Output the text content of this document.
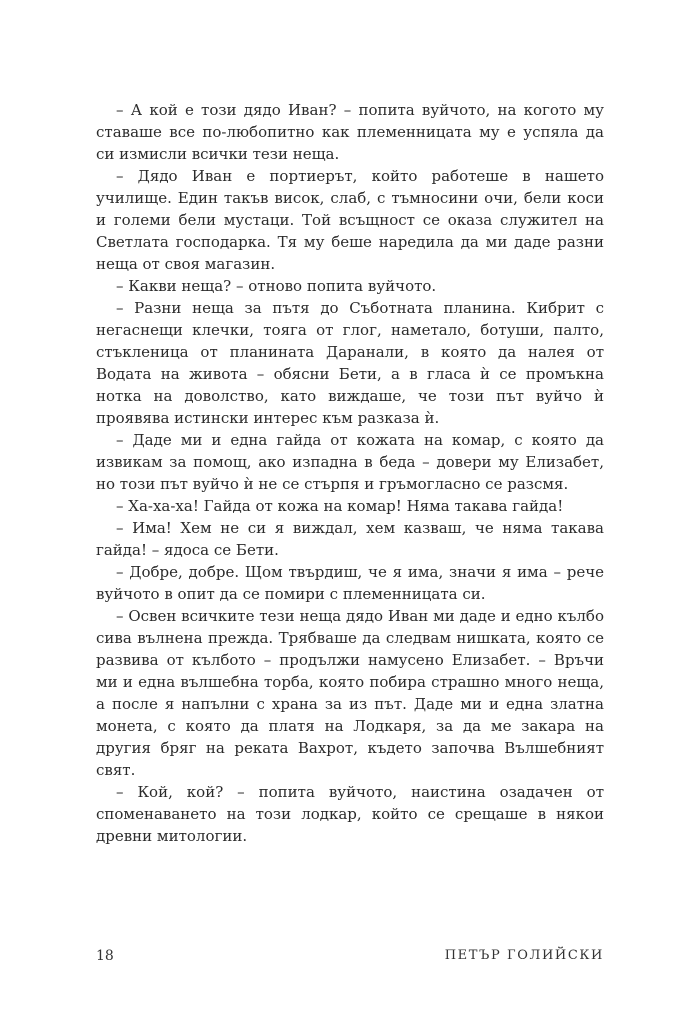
– А кой е този дядо Иван? – попита вуйчото, на когото му ставаше все по-любопитно как племенницата му е успяла да си измисли всички тези неща.

– Дядо Иван е портиерът, който работеше в нашето училище. Един такъв висок, слаб, с тъмносини очи, бели коси и големи бели мустаци. Той всъщност се оказа служител на Светлата господарка. Тя му беше наредила да ми даде разни неща от своя магазин.

– Какви неща? – отново попита вуйчото.

– Разни неща за пътя до Съботната планина. Кибрит с негаснещи клечки, тояга от глог, наметало, ботуши, палто, стъкленица от планината Даранали, в която да налея от Водата на живота – обясни Бети, а в гласа ѝ се промъкна нотка на доволство, като виждаше, че този път вуйчо ѝ проявява истински интерес към разказа ѝ.

– Даде ми и една гайда от кожата на комар, с която да извикам за помощ, ако изпадна в беда – довери му Елизабет, но този път вуйчо ѝ не се стърпя и гръмогласно се разсмя.

– Ха-ха-ха! Гайда от кожа на комар! Няма такава гайда!

– Има! Хем не си я виждал, хем казваш, че няма такава гайда! – ядоса се Бети.

– Добре, добре. Щом твърдиш, че я има, значи я има – рече вуйчото в опит да се помири с племенницата си.

– Освен всичките тези неща дядо Иван ми даде и едно кълбо сива вълнена прежда. Трябваше да следвам нишката, която се развива от кълбото – продължи намусено Елизабет. – Връчи ми и една вълшебна торба, която побира страшно много неща, а после я напълни с храна за из път. Даде ми и една златна монета, с която да платя на Лодкаря, за да ме закара на другия бряг на реката Вахрот, където започва Вълшебният свят.

– Кой, кой? – попита вуйчото, наистина озадачен от споменаването на този лодкар, който се срещаше в някои древни митологии.

18	ПЕТЪР ГОЛИЙСКИ
